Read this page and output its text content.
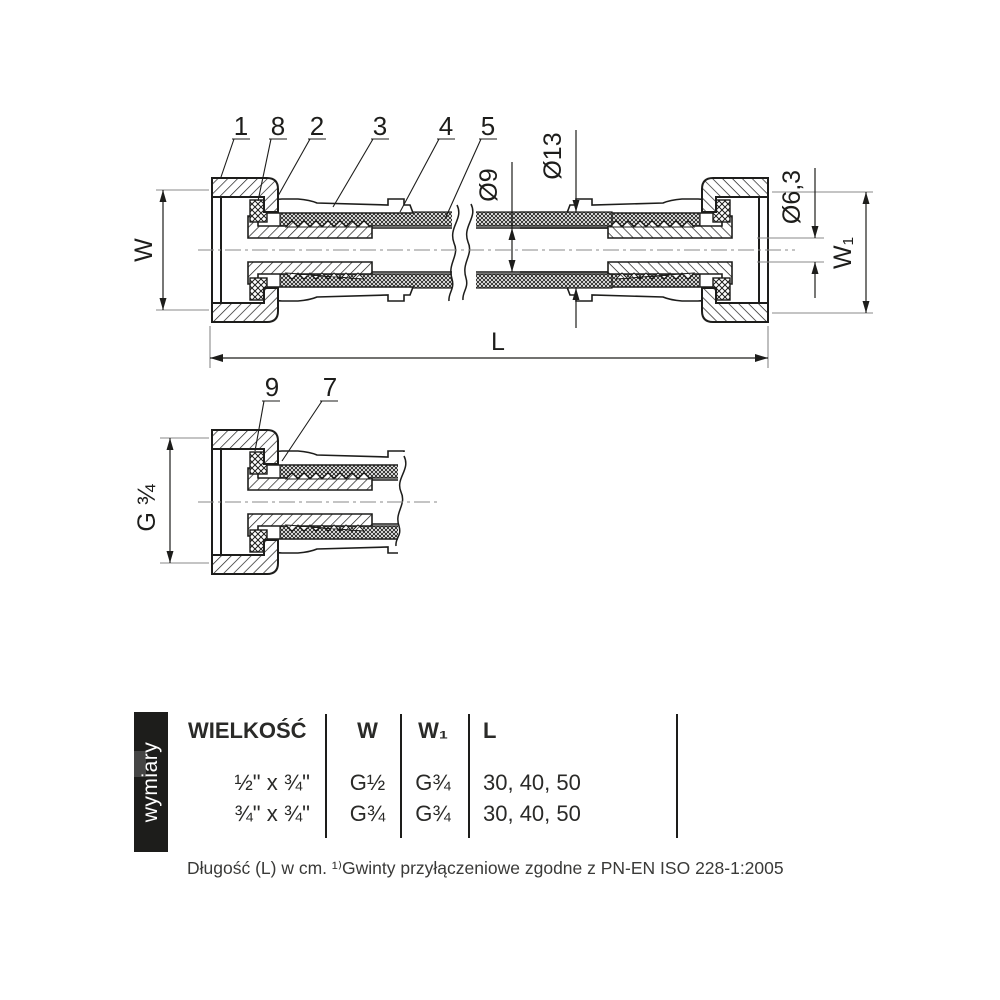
W	W₁
Ø9
Ø13
Ø6,3
L
1 8 2 3 4 5
G ¾
9 7
wymiary
WIELKOŚĆ	W	W₁	L
½" x ¾"	G½	G¾	30, 40, 50
¾" x ¾"	G¾	G¾	30, 40, 50
Długość (L) w cm. ¹⁾Gwinty przyłączeniowe zgodne z PN-EN ISO 228-1:2005
